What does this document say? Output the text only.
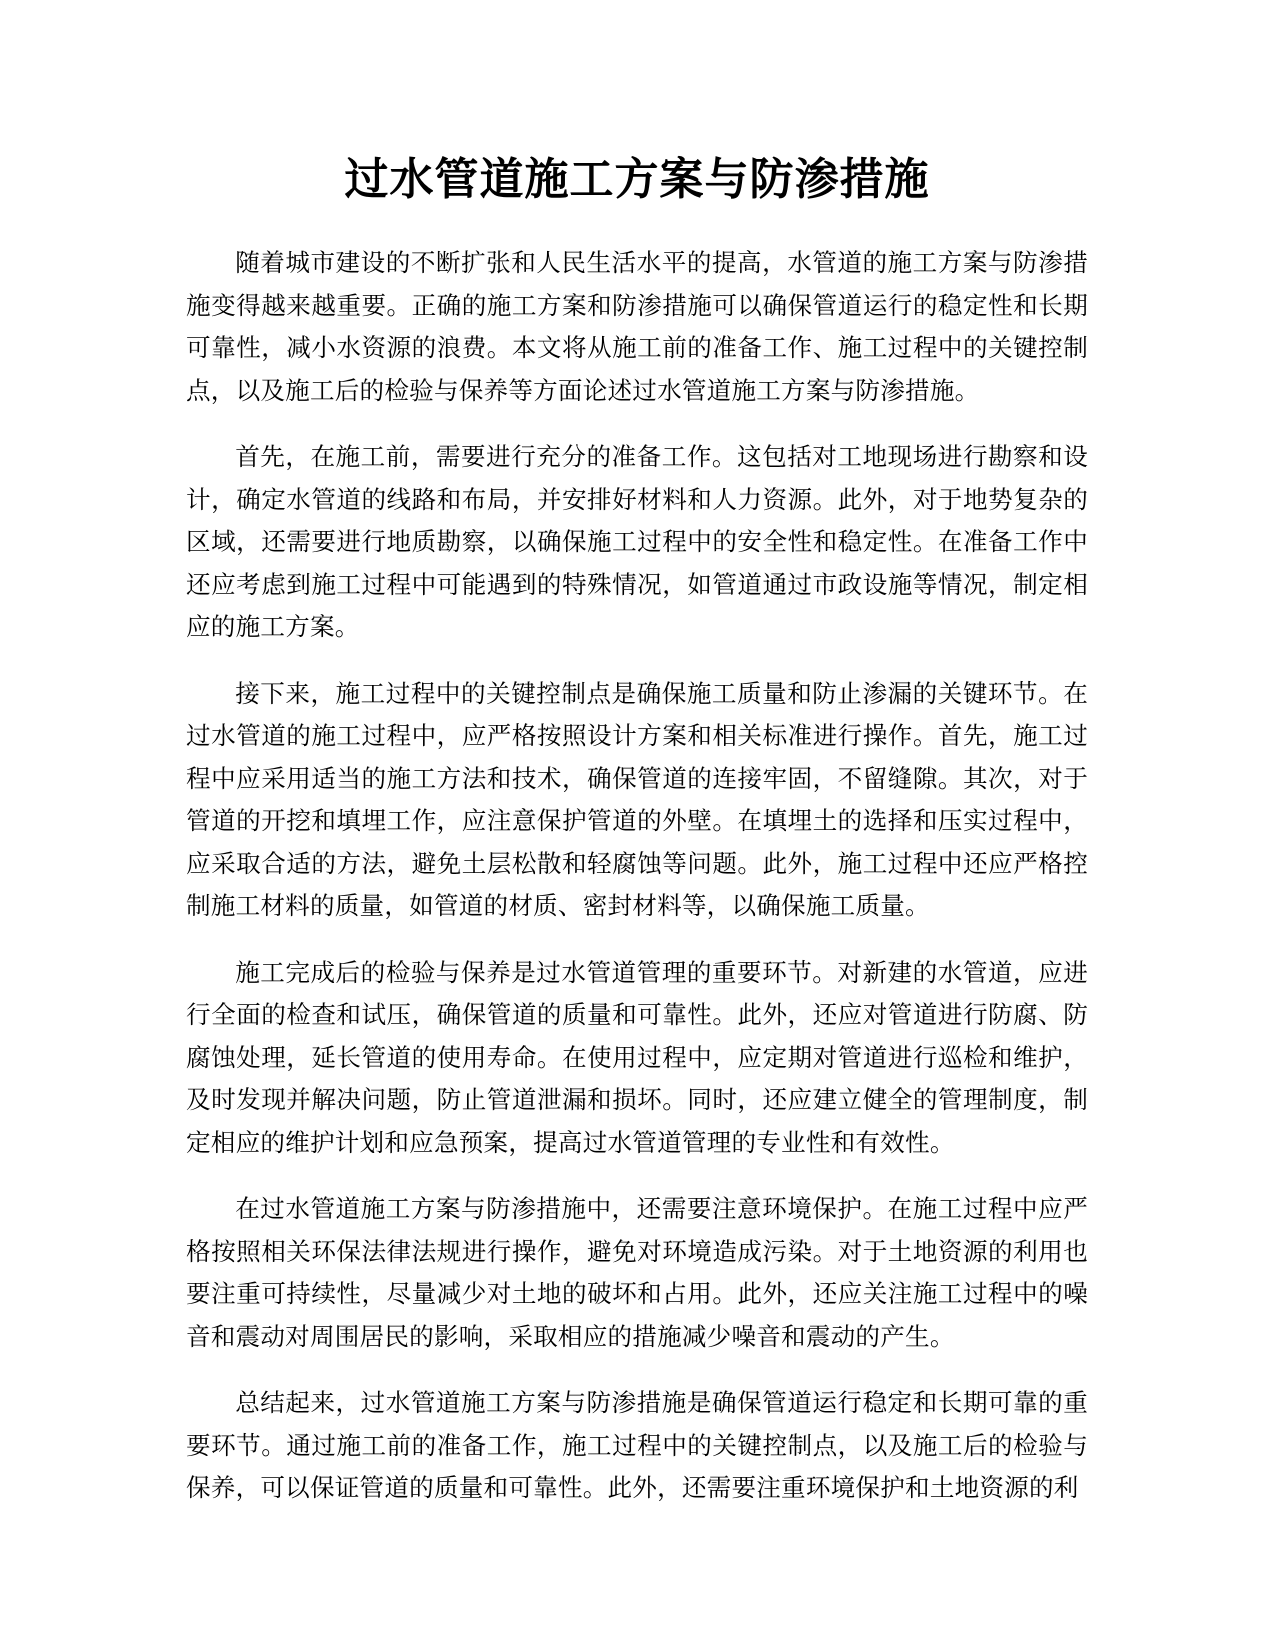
过水管道施工方案与防渗措施

随着城市建设的不断扩张和人民生活水平的提高，水管道的施工方案与防渗措施变得越来越重要。正确的施工方案和防渗措施可以确保管道运行的稳定性和长期可靠性，减小水资源的浪费。本文将从施工前的准备工作、施工过程中的关键控制点，以及施工后的检验与保养等方面论述过水管道施工方案与防渗措施。

首先，在施工前，需要进行充分的准备工作。这包括对工地现场进行勘察和设计，确定水管道的线路和布局，并安排好材料和人力资源。此外，对于地势复杂的区域，还需要进行地质勘察，以确保施工过程中的安全性和稳定性。在准备工作中还应考虑到施工过程中可能遇到的特殊情况，如管道通过市政设施等情况，制定相应的施工方案。

接下来，施工过程中的关键控制点是确保施工质量和防止渗漏的关键环节。在过水管道的施工过程中，应严格按照设计方案和相关标准进行操作。首先，施工过程中应采用适当的施工方法和技术，确保管道的连接牢固，不留缝隙。其次，对于管道的开挖和填埋工作，应注意保护管道的外壁。在填埋土的选择和压实过程中，应采取合适的方法，避免土层松散和轻腐蚀等问题。此外，施工过程中还应严格控制施工材料的质量，如管道的材质、密封材料等，以确保施工质量。

施工完成后的检验与保养是过水管道管理的重要环节。对新建的水管道，应进行全面的检查和试压，确保管道的质量和可靠性。此外，还应对管道进行防腐、防腐蚀处理，延长管道的使用寿命。在使用过程中，应定期对管道进行巡检和维护，及时发现并解决问题，防止管道泄漏和损坏。同时，还应建立健全的管理制度，制定相应的维护计划和应急预案，提高过水管道管理的专业性和有效性。

在过水管道施工方案与防渗措施中，还需要注意环境保护。在施工过程中应严格按照相关环保法律法规进行操作，避免对环境造成污染。对于土地资源的利用也要注重可持续性，尽量减少对土地的破坏和占用。此外，还应关注施工过程中的噪音和震动对周围居民的影响，采取相应的措施减少噪音和震动的产生。

总结起来，过水管道施工方案与防渗措施是确保管道运行稳定和长期可靠的重要环节。通过施工前的准备工作，施工过程中的关键控制点，以及施工后的检验与保养，可以保证管道的质量和可靠性。此外，还需要注重环境保护和土地资源的利
